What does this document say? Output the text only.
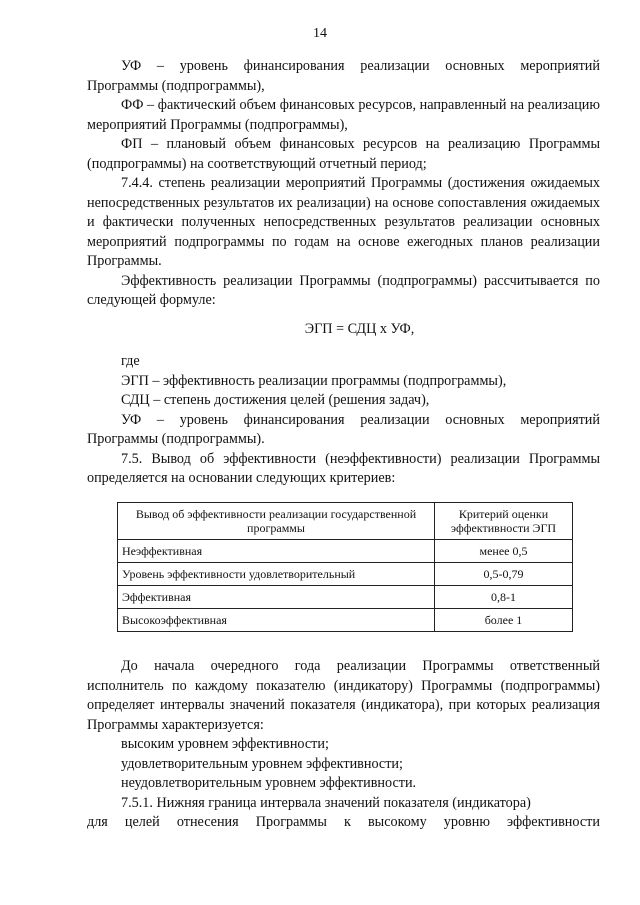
14

УФ – уровень финансирования реализации основных мероприятий Программы (подпрограммы),

ФФ – фактический объем финансовых ресурсов, направленный на реализацию мероприятий Программы (подпрограммы),

ФП – плановый объем финансовых ресурсов на реализацию Программы (подпрограммы) на соответствующий отчетный период;

7.4.4. степень реализации мероприятий Программы (достижения ожидаемых непосредственных результатов их реализации) на основе сопоставления ожидаемых и фактически полученных непосредственных результатов реализации основных мероприятий подпрограммы по годам на основе ежегодных планов реализации Программы.

Эффективность реализации Программы (подпрограммы) рассчитывается по следующей формуле:

ЭГП = СДЦ х УФ,

где

ЭГП – эффективность реализации программы (подпрограммы),

СДЦ – степень достижения целей (решения задач),

УФ – уровень финансирования реализации основных мероприятий Программы (подпрограммы).

7.5. Вывод об эффективности (неэффективности) реализации Программы определяется на основании следующих критериев:

Вывод об эффективности реализации государственной программы	Критерий оценки эффективности ЭГП
Неэффективная	менее 0,5
Уровень эффективности удовлетворительный	0,5-0,79
Эффективная	0,8-1
Высокоэффективная	более 1

До начала очередного года реализации Программы ответственный исполнитель по каждому показателю (индикатору) Программы (подпрограммы) определяет интервалы значений показателя (индикатора), при которых реализация Программы характеризуется:

высоким уровнем эффективности;

удовлетворительным уровнем эффективности;

неудовлетворительным уровнем эффективности.

7.5.1. Нижняя граница интервала значений показателя (индикатора)

для целей отнесения Программы к высокому уровню эффективности
